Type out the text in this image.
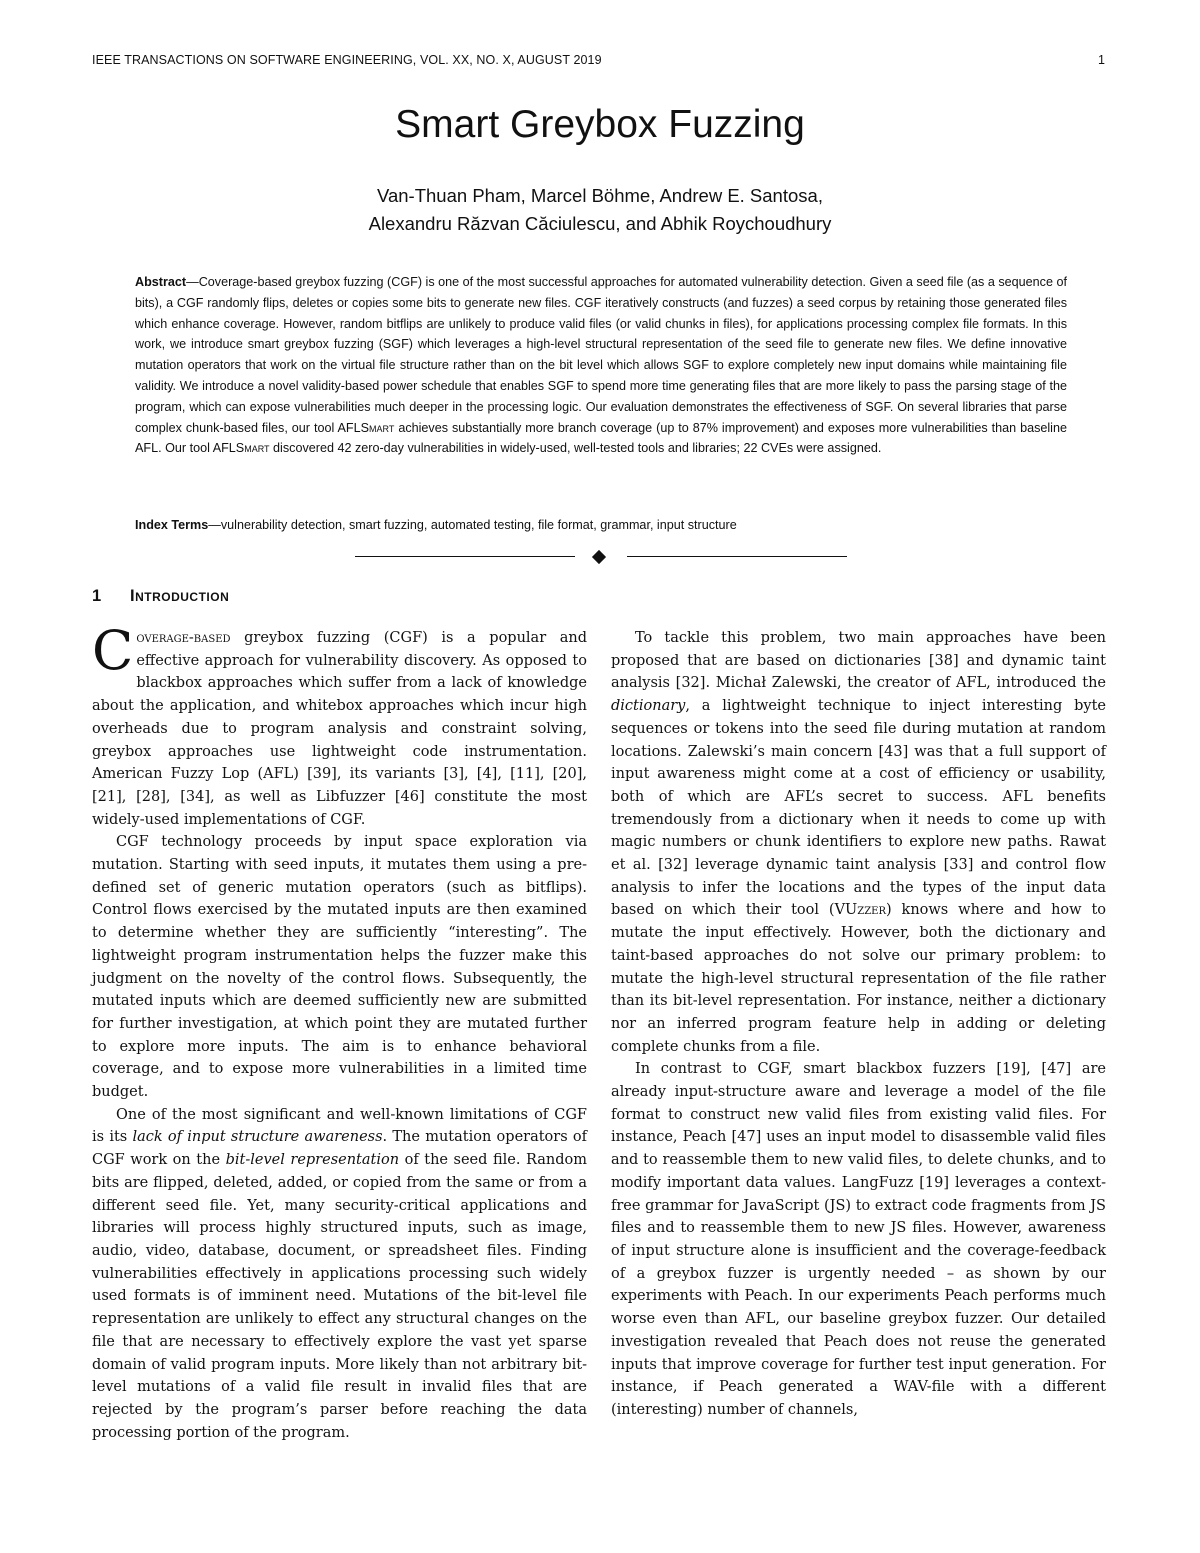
IEEE TRANSACTIONS ON SOFTWARE ENGINEERING, VOL. XX, NO. X, AUGUST 2019	1
Smart Greybox Fuzzing
Van-Thuan Pham, Marcel Böhme, Andrew E. Santosa,
Alexandru Răzvan Căciulescu, and Abhik Roychoudhury

Abstract—Coverage-based greybox fuzzing (CGF) is one of the most successful approaches for automated vulnerability detection. Given a seed file (as a sequence of bits), a CGF randomly flips, deletes or copies some bits to generate new files. CGF iteratively constructs (and fuzzes) a seed corpus by retaining those generated files which enhance coverage. However, random bitflips are unlikely to produce valid files (or valid chunks in files), for applications processing complex file formats. In this work, we introduce smart greybox fuzzing (SGF) which leverages a high-level structural representation of the seed file to generate new files. We define innovative mutation operators that work on the virtual file structure rather than on the bit level which allows SGF to explore completely new input domains while maintaining file validity. We introduce a novel validity-based power schedule that enables SGF to spend more time generating files that are more likely to pass the parsing stage of the program, which can expose vulnerabilities much deeper in the processing logic. Our evaluation demonstrates the effectiveness of SGF. On several libraries that parse complex chunk-based files, our tool AFLSmart achieves substantially more branch coverage (up to 87% improvement) and exposes more vulnerabilities than baseline AFL. Our tool AFLSmart discovered 42 zero-day vulnerabilities in widely-used, well-tested tools and libraries; 22 CVEs were assigned.

Index Terms—vulnerability detection, smart fuzzing, automated testing, file format, grammar, input structure

1 Introduction

Coverage-based greybox fuzzing (CGF) is a popular and effective approach for vulnerability discovery. As opposed to blackbox approaches which suffer from a lack of knowledge about the application, and whitebox approaches which incur high overheads due to program analysis and constraint solving, greybox approaches use lightweight code instrumentation. American Fuzzy Lop (AFL) [39], its variants [3], [4], [11], [20], [21], [28], [34], as well as Libfuzzer [46] constitute the most widely-used implementations of CGF.

CGF technology proceeds by input space exploration via mutation. Starting with seed inputs, it mutates them using a pre-defined set of generic mutation operators (such as bitflips). Control flows exercised by the mutated inputs are then examined to determine whether they are sufficiently “interesting”. The lightweight program instrumentation helps the fuzzer make this judgment on the novelty of the control flows. Subsequently, the mutated inputs which are deemed sufficiently new are submitted for further investigation, at which point they are mutated further to explore more inputs. The aim is to enhance behavioral coverage, and to expose more vulnerabilities in a limited time budget.

One of the most significant and well-known limitations of CGF is its lack of input structure awareness. The mutation operators of CGF work on the bit-level representation of the seed file. Random bits are flipped, deleted, added, or copied from the same or from a different seed file. Yet, many security-critical applications and libraries will process highly structured inputs, such as image, audio, video, database, document, or spreadsheet files. Finding vulnerabilities effectively in applications processing such widely used formats is of imminent need. Mutations of the bit-level file representation are unlikely to effect any structural changes on the file that are necessary to effectively explore the vast yet sparse domain of valid program inputs. More likely than not arbitrary bit-level mutations of a valid file result in invalid files that are rejected by the program’s parser before reaching the data processing portion of the program.

To tackle this problem, two main approaches have been proposed that are based on dictionaries [38] and dynamic taint analysis [32]. Michał Zalewski, the creator of AFL, introduced the dictionary, a lightweight technique to inject interesting byte sequences or tokens into the seed file during mutation at random locations. Zalewski’s main concern [43] was that a full support of input awareness might come at a cost of efficiency or usability, both of which are AFL’s secret to success. AFL benefits tremendously from a dictionary when it needs to come up with magic numbers or chunk identifiers to explore new paths. Rawat et al. [32] leverage dynamic taint analysis [33] and control flow analysis to infer the locations and the types of the input data based on which their tool (VUzzer) knows where and how to mutate the input effectively. However, both the dictionary and taint-based approaches do not solve our primary problem: to mutate the high-level structural representation of the file rather than its bit-level representation. For instance, neither a dictionary nor an inferred program feature help in adding or deleting complete chunks from a file.

In contrast to CGF, smart blackbox fuzzers [19], [47] are already input-structure aware and leverage a model of the file format to construct new valid files from existing valid files. For instance, Peach [47] uses an input model to disassemble valid files and to reassemble them to new valid files, to delete chunks, and to modify important data values. LangFuzz [19] leverages a context-free grammar for JavaScript (JS) to extract code fragments from JS files and to reassemble them to new JS files. However, awareness of input structure alone is insufficient and the coverage-feedback of a greybox fuzzer is urgently needed – as shown by our experiments with Peach. In our experiments Peach performs much worse even than AFL, our baseline greybox fuzzer. Our detailed investigation revealed that Peach does not reuse the generated inputs that improve coverage for further test input generation. For instance, if Peach generated a WAV-file with a different (interesting) number of channels,
